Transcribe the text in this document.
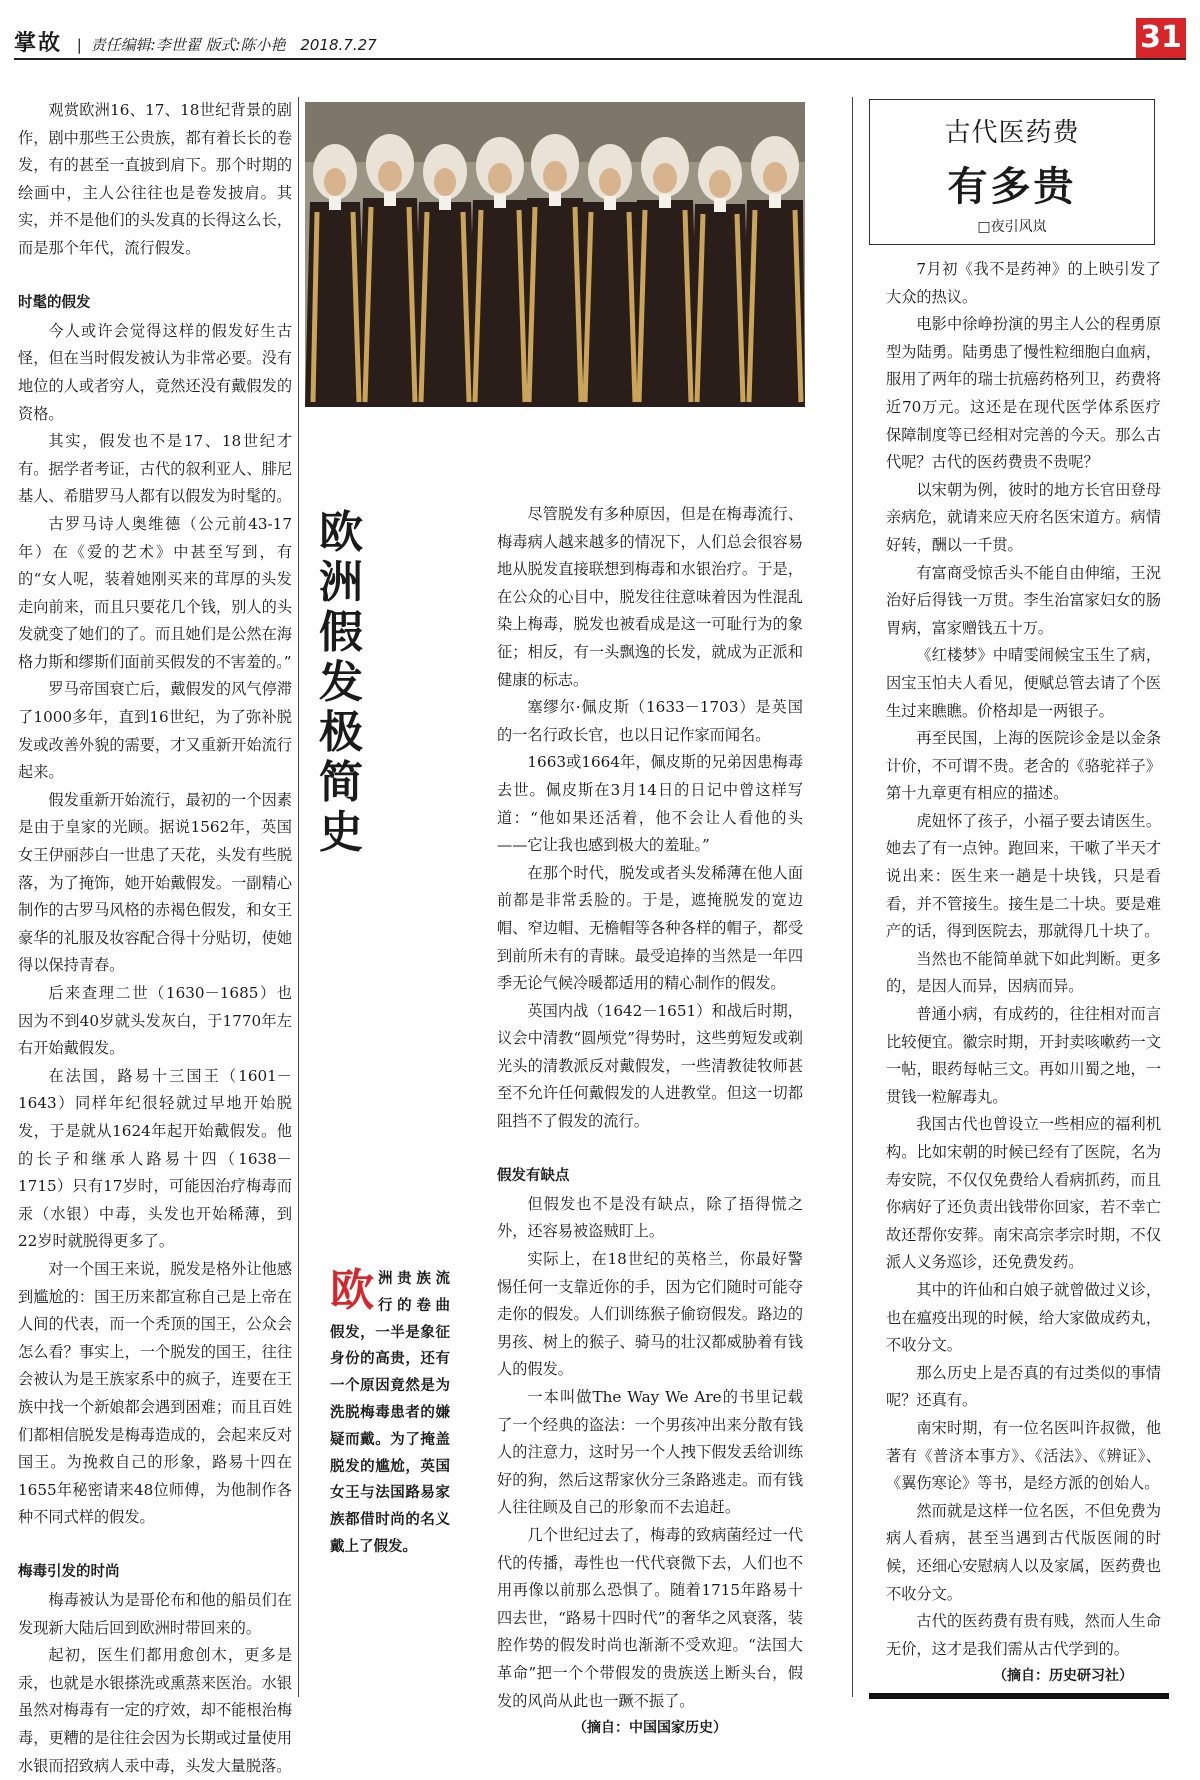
掌故 | 责任编辑:李世翟 版式:陈小艳 2018.7.27	31

观赏欧洲16、17、18世纪背景的剧作，剧中那些王公贵族，都有着长长的卷发，有的甚至一直披到肩下。那个时期的绘画中，主人公往往也是卷发披肩。其实，并不是他们的头发真的长得这么长，而是那个年代，流行假发。

时髦的假发

今人或许会觉得这样的假发好生古怪，但在当时假发被认为非常必要。没有地位的人或者穷人，竟然还没有戴假发的资格。

其实，假发也不是17、18世纪才有。据学者考证，古代的叙利亚人、腓尼基人、希腊罗马人都有以假发为时髦的。

古罗马诗人奥维德（公元前43-17年）在《爱的艺术》中甚至写到，有的“女人呢，装着她刚买来的茸厚的头发走向前来，而且只要花几个钱，别人的头发就变了她们的了。而且她们是公然在海格力斯和缪斯们面前买假发的不害羞的。”

罗马帝国衰亡后，戴假发的风气停滞了1000多年，直到16世纪，为了弥补脱发或改善外貌的需要，才又重新开始流行起来。

假发重新开始流行，最初的一个因素是由于皇家的光顾。据说1562年，英国女王伊丽莎白一世患了天花，头发有些脱落，为了掩饰，她开始戴假发。一副精心制作的古罗马风格的赤褐色假发，和女王豪华的礼服及妆容配合得十分贴切，使她得以保持青春。

后来查理二世（1630－1685）也因为不到40岁就头发灰白，于1770年左右开始戴假发。

在法国，路易十三国王（1601－1643）同样年纪很轻就过早地开始脱发，于是就从1624年起开始戴假发。他的长子和继承人路易十四（1638－1715）只有17岁时，可能因治疗梅毒而汞（水银）中毒，头发也开始稀薄，到22岁时就脱得更多了。

对一个国王来说，脱发是格外让他感到尴尬的：国王历来都宣称自己是上帝在人间的代表，而一个秃顶的国王，公众会怎么看？事实上，一个脱发的国王，往往会被认为是王族家系中的疯子，连要在王族中找一个新娘都会遇到困难；而且百姓们都相信脱发是梅毒造成的，会起来反对国王。为挽救自己的形象，路易十四在1655年秘密请来48位师傅，为他制作各种不同式样的假发。

梅毒引发的时尚

梅毒被认为是哥伦布和他的船员们在发现新大陆后回到欧洲时带回来的。

起初，医生们都用愈创木，更多是汞，也就是水银搽洗或熏蒸来医治。水银虽然对梅毒有一定的疗效，却不能根治梅毒，更糟的是往往会因为长期或过量使用水银而招致病人汞中毒，头发大量脱落。

欧洲假发极简史
欧 洲贵族流行的卷曲假发，一半是象征身份的高贵，还有一个原因竟然是为洗脱梅毒患者的嫌疑而戴。为了掩盖脱发的尴尬，英国女王与法国路易家族都借时尚的名义戴上了假发。

尽管脱发有多种原因，但是在梅毒流行、梅毒病人越来越多的情况下，人们总会很容易地从脱发直接联想到梅毒和水银治疗。于是，在公众的心目中，脱发往往意味着因为性混乱染上梅毒，脱发也被看成是这一可耻行为的象征；相反，有一头飘逸的长发，就成为正派和健康的标志。

塞缪尔·佩皮斯（1633－1703）是英国的一名行政长官，也以日记作家而闻名。

1663或1664年，佩皮斯的兄弟因患梅毒去世。佩皮斯在3月14日的日记中曾这样写道：“他如果还活着，他不会让人看他的头——它让我也感到极大的羞耻。”

在那个时代，脱发或者头发稀薄在他人面前都是非常丢脸的。于是，遮掩脱发的宽边帽、窄边帽、无檐帽等各种各样的帽子，都受到前所未有的青睐。最受追捧的当然是一年四季无论气候冷暖都适用的精心制作的假发。

英国内战（1642－1651）和战后时期，议会中清教“圆颅党”得势时，这些剪短发或剃光头的清教派反对戴假发，一些清教徒牧师甚至不允许任何戴假发的人进教堂。但这一切都阻挡不了假发的流行。

假发有缺点

但假发也不是没有缺点，除了捂得慌之外，还容易被盗贼盯上。

实际上，在18世纪的英格兰，你最好警惕任何一支靠近你的手，因为它们随时可能夺走你的假发。人们训练猴子偷窃假发。路边的男孩、树上的猴子、骑马的壮汉都威胁着有钱人的假发。

一本叫做The Way We Are的书里记载了一个经典的盗法：一个男孩冲出来分散有钱人的注意力，这时另一个人拽下假发丢给训练好的狗，然后这帮家伙分三条路逃走。而有钱人往往顾及自己的形象而不去追赶。

几个世纪过去了，梅毒的致病菌经过一代代的传播，毒性也一代代衰微下去，人们也不用再像以前那么恐惧了。随着1715年路易十四去世，“路易十四时代”的奢华之风衰落，装腔作势的假发时尚也渐渐不受欢迎。“法国大革命”把一个个带假发的贵族送上断头台，假发的风尚从此也一蹶不振了。

（摘自：中国国家历史）
古代医药费
有多贵
□夜引风岚

7月初《我不是药神》的上映引发了大众的热议。

电影中徐峥扮演的男主人公的程勇原型为陆勇。陆勇患了慢性粒细胞白血病，服用了两年的瑞士抗癌药格列卫，药费将近70万元。这还是在现代医学体系医疗保障制度等已经相对完善的今天。那么古代呢？古代的医药费贵不贵呢？

以宋朝为例，彼时的地方长官田登母亲病危，就请来应天府名医宋道方。病情好转，酬以一千贯。

有富商受惊舌头不能自由伸缩，王況治好后得钱一万贯。李生治富家妇女的肠胃病，富家赠钱五十万。

《红楼梦》中晴雯闹候宝玉生了病，因宝玉怕夫人看见，便赋总管去请了个医生过来瞧瞧。价格却是一两银子。

再至民国，上海的医院诊金是以金条计价，不可谓不贵。老舍的《骆驼祥子》第十九章更有相应的描述。

虎妞怀了孩子，小福子要去请医生。她去了有一点钟。跑回来，干嗽了半天才说出来：医生来一趟是十块钱，只是看看，并不管接生。接生是二十块。要是难产的话，得到医院去，那就得几十块了。

当然也不能简单就下如此判断。更多的，是因人而异，因病而异。

普通小病，有成药的，往往相对而言比较便宜。徽宗时期，开封卖咳嗽药一文一帖，眼药每帖三文。再如川蜀之地，一贯钱一粒解毒丸。

我国古代也曾设立一些相应的福利机构。比如宋朝的时候已经有了医院，名为寿安院，不仅仅免费给人看病抓药，而且你病好了还负责出钱带你回家，若不幸亡故还帮你安葬。南宋高宗孝宗时期，不仅派人义务巡诊，还免费发药。

其中的许仙和白娘子就曾做过义诊，也在瘟疫出现的时候，给大家做成药丸，不收分文。

那么历史上是否真的有过类似的事情呢？还真有。

南宋时期，有一位名医叫许叔微，他著有《普济本事方》、《活法》、《辨证》、《翼伤寒论》等书，是经方派的创始人。

然而就是这样一位名医，不但免费为病人看病，甚至当遇到古代版医闹的时候，还细心安慰病人以及家属，医药费也不收分文。

古代的医药费有贵有贱，然而人生命无价，这才是我们需从古代学到的。

（摘自：历史研习社）
